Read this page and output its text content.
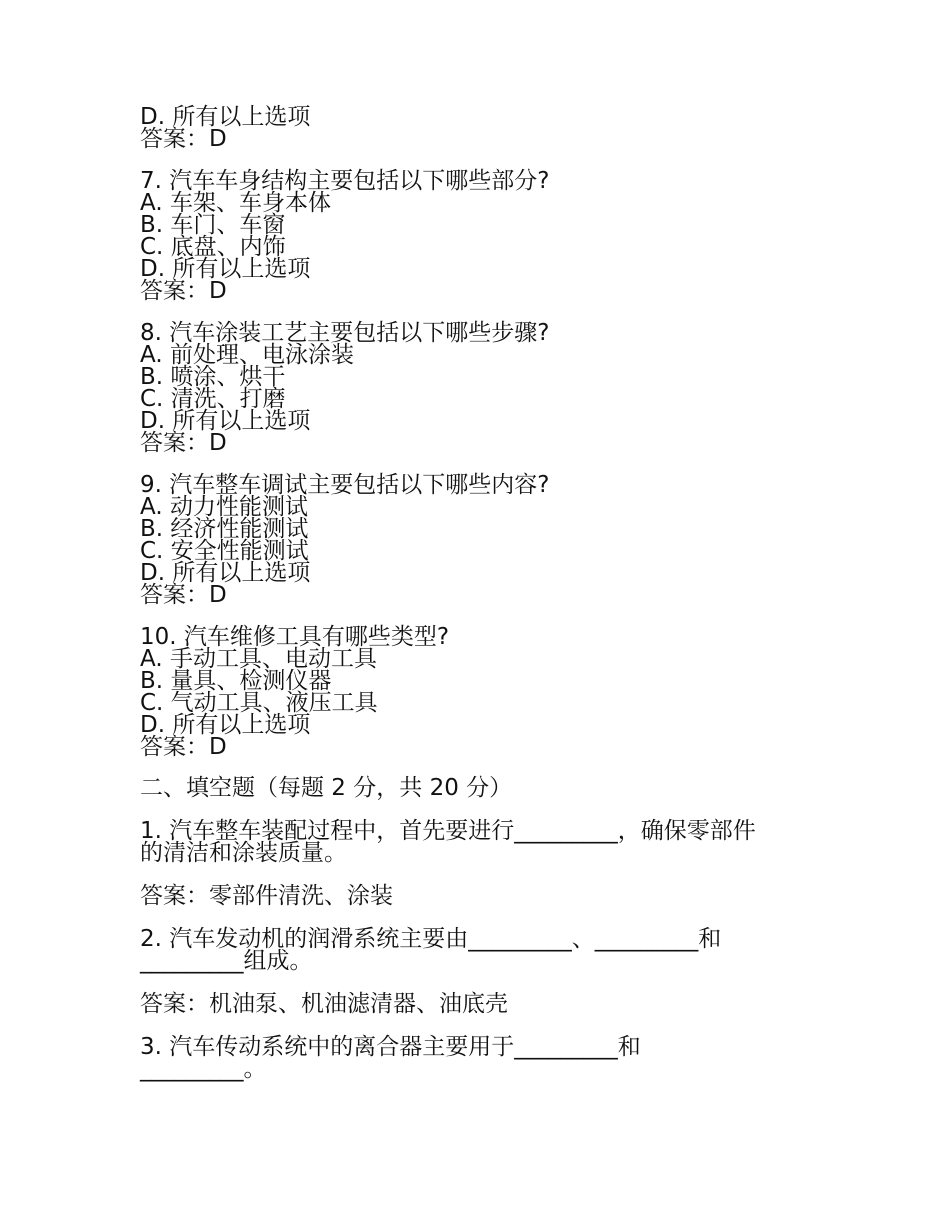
D. 所有以上选项
答案：D
7. 汽车车身结构主要包括以下哪些部分?
A. 车架、车身本体
B. 车门、车窗
C. 底盘、内饰
D. 所有以上选项
答案：D
8. 汽车涂装工艺主要包括以下哪些步骤?
A. 前处理、电泳涂装
B. 喷涂、烘干
C. 清洗、打磨
D. 所有以上选项
答案：D
9. 汽车整车调试主要包括以下哪些内容?
A. 动力性能测试
B. 经济性能测试
C. 安全性能测试
D. 所有以上选项
答案：D
10. 汽车维修工具有哪些类型?
A. 手动工具、电动工具
B. 量具、检测仪器
C. 气动工具、液压工具
D. 所有以上选项
答案：D
二、填空题（每题 2 分，共 20 分）
1. 汽车整车装配过程中，首先要进行_________，确保零部件
的清洁和涂装质量。
答案：零部件清洗、涂装
2. 汽车发动机的润滑系统主要由_________、_________和
_________组成。
答案：机油泵、机油滤清器、油底壳
3. 汽车传动系统中的离合器主要用于_________和
_________。
